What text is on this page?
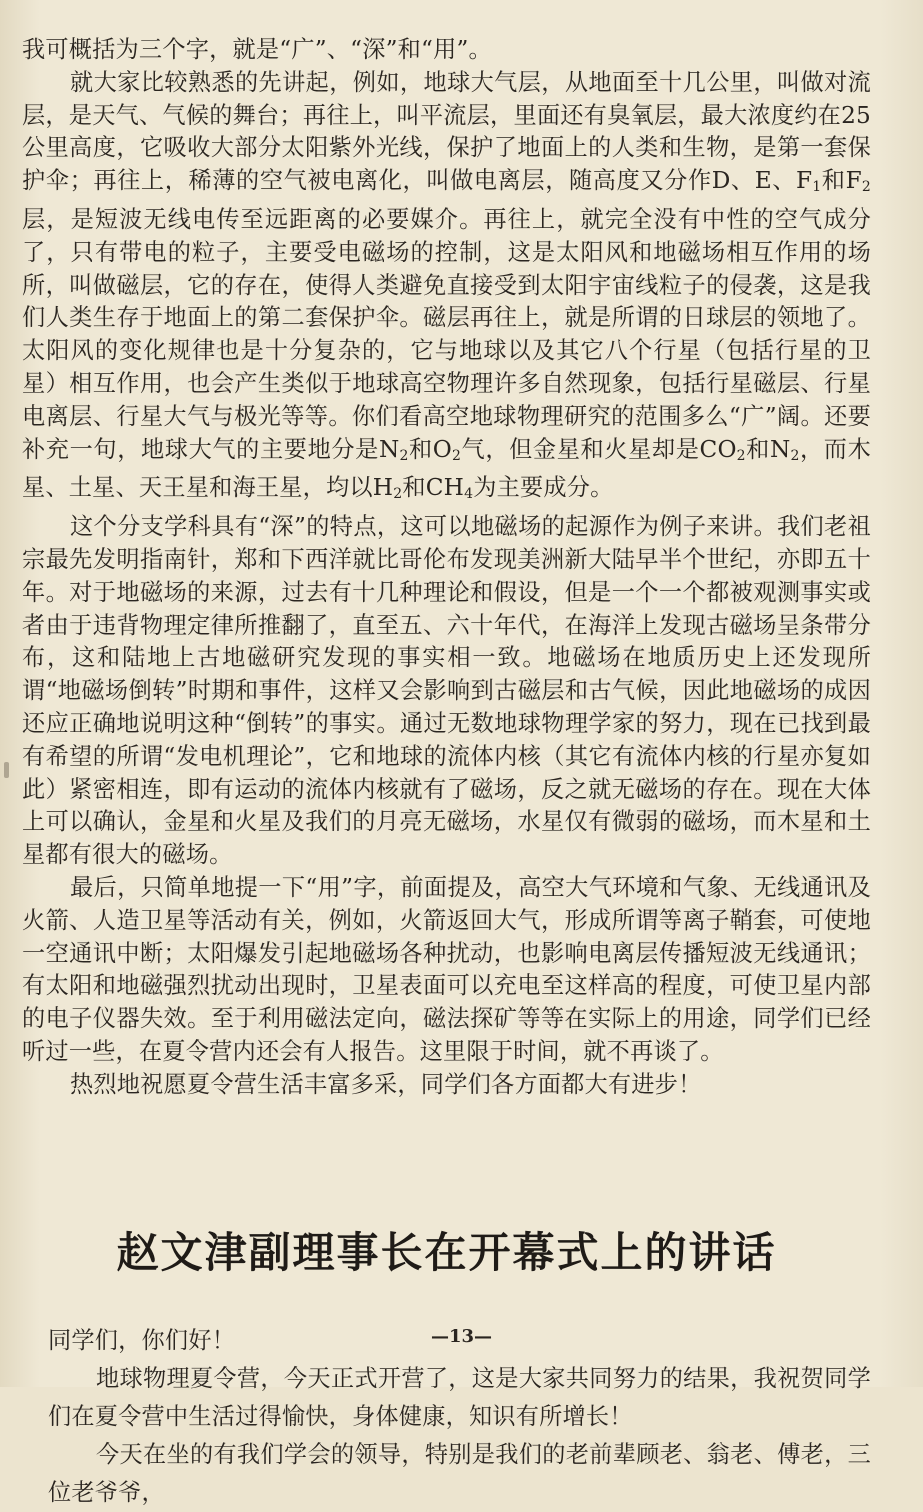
我可概括为三个字，就是“广”、“深”和“用”。

就大家比较熟悉的先讲起，例如，地球大气层，从地面至十几公里，叫做对流层，是天气、气候的舞台；再往上，叫平流层，里面还有臭氧层，最大浓度约在25公里高度，它吸收大部分太阳紫外光线，保护了地面上的人类和生物，是第一套保护伞；再往上，稀薄的空气被电离化，叫做电离层，随高度又分作D、E、$F_1$和$F_2$层，是短波无线电传至远距离的必要媒介。再往上，就完全没有中性的空气成分了，只有带电的粒子，主要受电磁场的控制，这是太阳风和地磁场相互作用的场所，叫做磁层，它的存在，使得人类避免直接受到太阳宇宙线粒子的侵袭，这是我们人类生存于地面上的第二套保护伞。磁层再往上，就是所谓的日球层的领地了。太阳风的变化规律也是十分复杂的，它与地球以及其它八个行星（包括行星的卫星）相互作用，也会产生类似于地球高空物理许多自然现象，包括行星磁层、行星电离层、行星大气与极光等等。你们看高空地球物理研究的范围多么“广”阔。还要补充一句，地球大气的主要地分是$N_2$和$O_2$气，但金星和火星却是$CO_2$和$N_2$，而木星、土星、天王星和海王星，均以$H_2$和$CH_4$为主要成分。

这个分支学科具有“深”的特点，这可以地磁场的起源作为例子来讲。我们老祖宗最先发明指南针，郑和下西洋就比哥伦布发现美洲新大陆早半个世纪，亦即五十年。对于地磁场的来源，过去有十几种理论和假设，但是一个一个都被观测事实或者由于违背物理定律所推翻了，直至五、六十年代，在海洋上发现古磁场呈条带分布，这和陆地上古地磁研究发现的事实相一致。地磁场在地质历史上还发现所谓“地磁场倒转”时期和事件，这样又会影响到古磁层和古气候，因此地磁场的成因还应正确地说明这种“倒转”的事实。通过无数地球物理学家的努力，现在已找到最有希望的所谓“发电机理论”，它和地球的流体内核（其它有流体内核的行星亦复如此）紧密相连，即有运动的流体内核就有了磁场，反之就无磁场的存在。现在大体上可以确认，金星和火星及我们的月亮无磁场，水星仅有微弱的磁场，而木星和土星都有很大的磁场。

最后，只简单地提一下“用”字，前面提及，高空大气环境和气象、无线通讯及火箭、人造卫星等活动有关，例如，火箭返回大气，形成所谓等离子鞘套，可使地一空通讯中断；太阳爆发引起地磁场各种扰动，也影响电离层传播短波无线通讯；有太阳和地磁强烈扰动出现时，卫星表面可以充电至这样高的程度，可使卫星内部的电子仪器失效。至于利用磁法定向，磁法探矿等等在实际上的用途，同学们已经听过一些，在夏令营内还会有人报告。这里限于时间，就不再谈了。

热烈地祝愿夏令营生活丰富多采，同学们各方面都大有进步！

赵文津副理事长在开幕式上的讲话

同学们，你们好！

地球物理夏令营，今天正式开营了，这是大家共同努力的结果，我祝贺同学们在夏令营中生活过得愉快，身体健康，知识有所增长！

今天在坐的有我们学会的领导，特别是我们的老前辈顾老、翁老、傅老，三位老爷爷，

—13—
